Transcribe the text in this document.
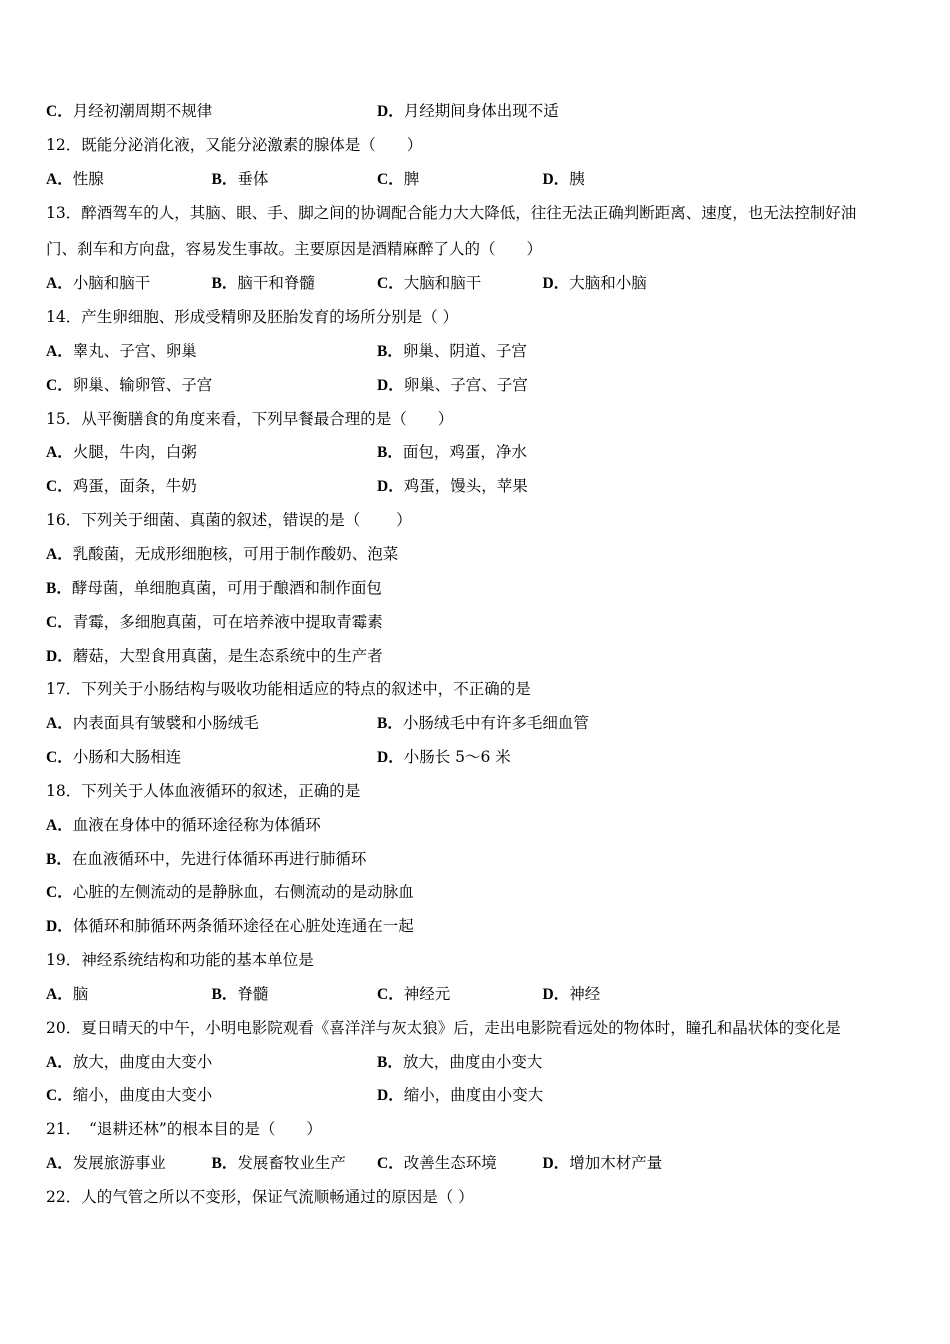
C．月经初潮周期不规律	D．月经期间身体出现不适
12．既能分泌消化液，又能分泌激素的腺体是（　　）
A．性腺	B．垂体	C．脾	D．胰
13．醉酒驾车的人，其脑、眼、手、脚之间的协调配合能力大大降低，往往无法正确判断距离、速度，也无法控制好油
门、刹车和方向盘，容易发生事故。主要原因是酒精麻醉了人的（　　）
A．小脑和脑干	B．脑干和脊髓	C．大脑和脑干	D．大脑和小脑
14．产生卵细胞、形成受精卵及胚胎发育的场所分别是（ ）
A．睾丸、子宫、卵巢	B．卵巢、阴道、子宫
C．卵巢、输卵管、子宫	D．卵巢、子宫、子宫
15．从平衡膳食的角度来看，下列早餐最合理的是（　　）
A．火腿，牛肉，白粥	B．面包，鸡蛋，净水
C．鸡蛋，面条，牛奶	D．鸡蛋，馒头，苹果
16．下列关于细菌、真菌的叙述，错误的是（　　 ）
A．乳酸菌，无成形细胞核，可用于制作酸奶、泡菜
B．酵母菌，单细胞真菌，可用于酿酒和制作面包
C．青霉，多细胞真菌，可在培养液中提取青霉素
D．蘑菇，大型食用真菌，是生态系统中的生产者
17．下列关于小肠结构与吸收功能相适应的特点的叙述中，不正确的是
A．内表面具有皱襞和小肠绒毛	B．小肠绒毛中有许多毛细血管
C．小肠和大肠相连	D．小肠长 5～6 米
18．下列关于人体血液循环的叙述，正确的是
A．血液在身体中的循环途径称为体循环
B．在血液循环中，先进行体循环再进行肺循环
C．心脏的左侧流动的是静脉血，右侧流动的是动脉血
D．体循环和肺循环两条循环途径在心脏处连通在一起
19．神经系统结构和功能的基本单位是
A．脑	B．脊髓	C．神经元	D．神经
20．夏日晴天的中午，小明电影院观看《喜洋洋与灰太狼》后，走出电影院看远处的物体时，瞳孔和晶状体的变化是
A．放大，曲度由大变小	B．放大，曲度由小变大
C．缩小，曲度由大变小	D．缩小，曲度由小变大
21．　“退耕还林”的根本目的是（　　）
A．发展旅游事业	B．发展畜牧业生产	C．改善生态环境	D．增加木材产量
22．人的气管之所以不变形，保证气流顺畅通过的原因是（ ）
